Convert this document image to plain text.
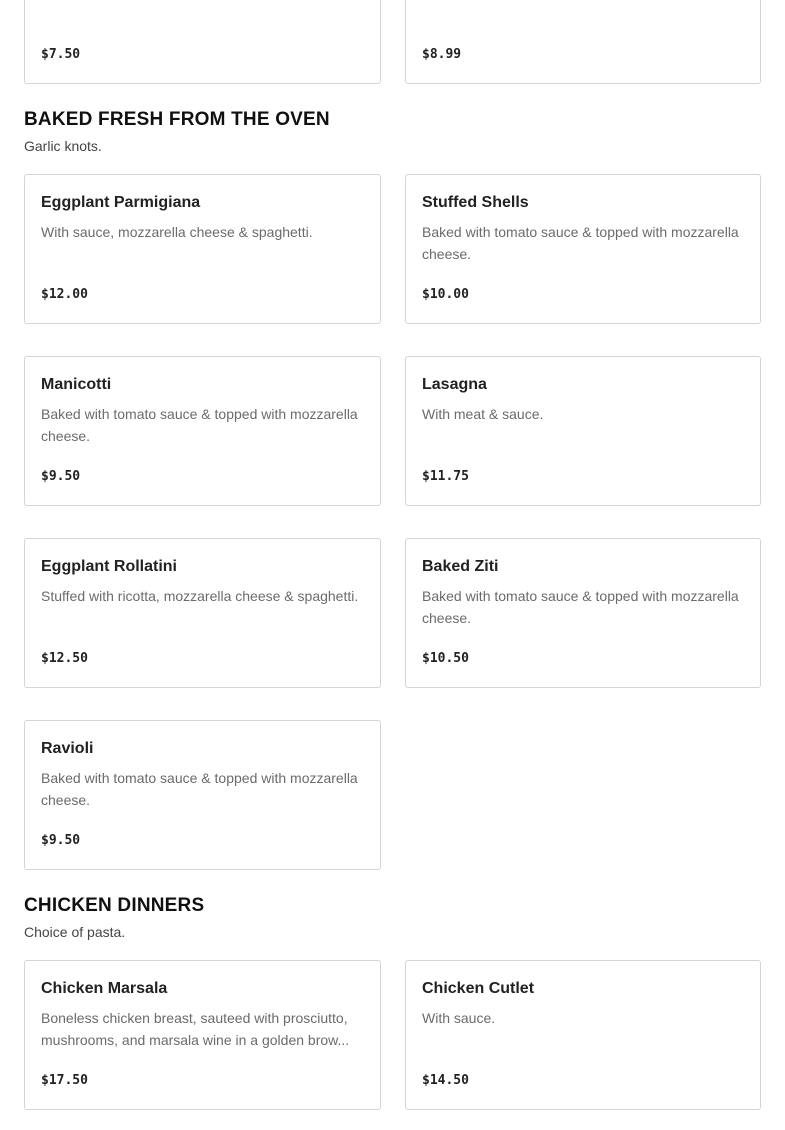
$7.50	$8.99
BAKED FRESH FROM THE OVEN
Garlic knots.
Eggplant Parmigiana
With sauce, mozzarella cheese & spaghetti.
$12.00
Stuffed Shells
Baked with tomato sauce & topped with mozzarella cheese.
$10.00
Manicotti
Baked with tomato sauce & topped with mozzarella cheese.
$9.50
Lasagna
With meat & sauce.
$11.75
Eggplant Rollatini
Stuffed with ricotta, mozzarella cheese & spaghetti.
$12.50
Baked Ziti
Baked with tomato sauce & topped with mozzarella cheese.
$10.50
Ravioli
Baked with tomato sauce & topped with mozzarella cheese.
$9.50
CHICKEN DINNERS
Choice of pasta.
Chicken Marsala
Boneless chicken breast, sauteed with prosciutto, mushrooms, and marsala wine in a golden brow...
$17.50
Chicken Cutlet
With sauce.
$14.50
